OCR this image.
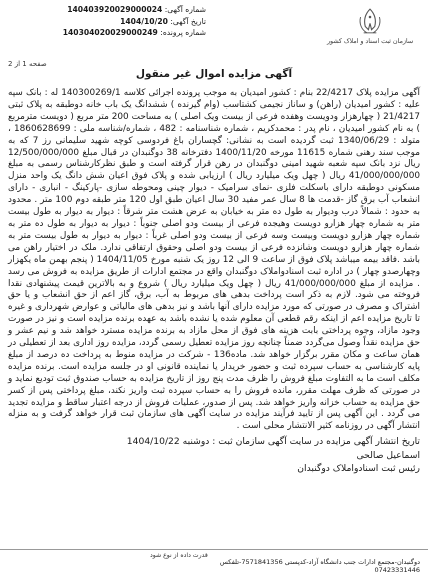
شماره آگهی: 140403920029000024
تاریخ آگهی: 1404/10/20
شماره پرونده: 140304020029000249
سازمان ثبت اسناد و املاک کشور
صفحه 1 از 2
آگهی مزایده اموال غیر منقول

آگهی مزایده پلاک 22/4217 بنام : کشور امیدیان به موجب پرونده اجرائی کلاسه 140300269/1 له : بانک سپه علیه : کشور امیدیان (راهن) و ساناز نجیمی کشتاسب (وام گیرنده ) ششدانگ یک باب خانه دوطبقه به پلاک ثبتی 21/4217 ( چهارهزار ودویست وهفده فرعی از بیست ویک اصلی ) به مساحت 200 متر مربع ( دویست مترمربع ) به نام کشور امیدیان ، نام پدر : محمدکریم ، شماره شناسنامه : 482 ، شماره/شناسه ملی : 1860628699 ، متولد : 1340/06/29 ثبت گردیده است به نشانی: گچساران باغ فردوسی کوچه شهید سلیمانی رز 7 که به موجب سند رهنی شماره 11615 مورخه 1400/11/20 دفترخانه 38 دوگنبدان در قبال مبلغ 12/500/000/000 ریال نزد بانک سپه شعبه شهید امینی دوگنبدان در رهن قرار گرفته است و طبق نظرکارشناس رسمی به مبلغ 41/000/000/000 ریال ( چهل ویک میلیارد ریال ) ارزیابی شده و پلاک فوق اعیان شش دانگ یک واحد منزل مسکونی دوطبقه دارای باسکلت فلزی -نمای سرامیک - دیوار چینی ومحوطه سازی -پارکینگ - انباری - دارای انشعاب آب برق گاز -قدمت ها 8 سال عمر مفید 30 سال اعیان طبق اول 120 متر طبقه دوم 100 متر . محدود به حدود : شمالاً درب ودیوار به طول ده متر به خیابان به عرض هشت متر شرقاً : دیوار به دیوار به طول بیست متر به شماره چهار هزارو دویست وهیجده فرعی از بیست ودو اصلی جنوباً : دیوار به دیوار به طول ده متر به شماره چهار هزارو دویست وبیست وسه فرعی از بیست ودو اصلی غرباً : دیوار به دیوار به طول بیست متر به شماره چهار هزارو دویست وشانزده فرعی از بیست ودو اصلی وحقوق ارتفاقی ندارد. ملک در اختیار راهن می باشد .فاقد بیمه میباشد پلاک فوق از ساعت 9 الی 12 روز یک شنبه مورخ 1404/11/05 ( پنجم بهمن ماه یکهزار وچهارصدو چهار ) در اداره ثبت اسنادواملاک دوگنبدان واقع در مجتمع ادارات از طریق مزایده به فروش می رسد . مزایده از مبلغ 41/000/000/000 ریال ( چهل ویک میلیارد ریال ) شروع و به بالاترین قیمت پیشنهادی نقدا فروخته می شود. لازم به ذکر است پرداخت بدهی های مربوط به آب، برق، گاز اعم از حق انشعاب و یا حق اشتراک و مصرف در صورتی که مورد مزایده دارای آنها باشد و نیز بدهی های مالیاتی و عوارض شهرداری و غیره تا تاریخ مزایده اعم از اینکه رقم قطعی آن معلوم شده یا نشده باشد به عهده برنده مزایده است و نیز در صورت وجود مازاد، وجوه پرداختی بابت هزینه های فوق از محل مازاد به برنده مزایده مسترد خواهد شد و نیم عشر و حق مزایده نقداً وصول می‌گردد ضمناً چنانچه روز مزایده تعطیل رسمی گردد، مزایده روز اداری بعد از تعطیلی در همان ساعت و مکان مقرر برگزار خواهد شد. ماده136 - شرکت در مزایده منوط به پرداخت ده درصد از مبلغ پایه کارشناسی به حساب سپرده ثبت و حضور خریدار یا نماینده قانونی او در جلسه مزایده است. برنده مزایده مکلف است ما به التفاوت مبلغ فروش را ظرف مدت پنج روز از تاریخ مزایده به حساب صندوق ثبت تودیع نماید و در صورتی که ظرف مهلت مقرر، مانده فروش را به حساب سپرده ثبت واریز نکند، مبلغ پرداختی پس از کسر حق مزایده به حساب خزانه واریز خواهد شد. پس از صدور، عملیات فروش از درجه اعتبار ساقط و مزایده تجدید می گردد . این آگهی پس از تایید فرآیند مزایده در سایت آگهی های سازمان ثبت قرار خواهد گرفت و به منزله انتشار آگهی در روزنامه کثیر الانتشار محلی است .

تاریخ انتشار آگهی مزایده در سایت آگهی سازمان ثبت : دوشنبه 1404/10/22
اسماعیل صالحی
رئیس ثبت اسنادواملاک دوگنبدان
قدرت داده از نوع شود
دوگنبدان-مجتمع ادارات جنب دانشگاه آزاد-کدپستی 7571841356-تلفکس
07423331446
